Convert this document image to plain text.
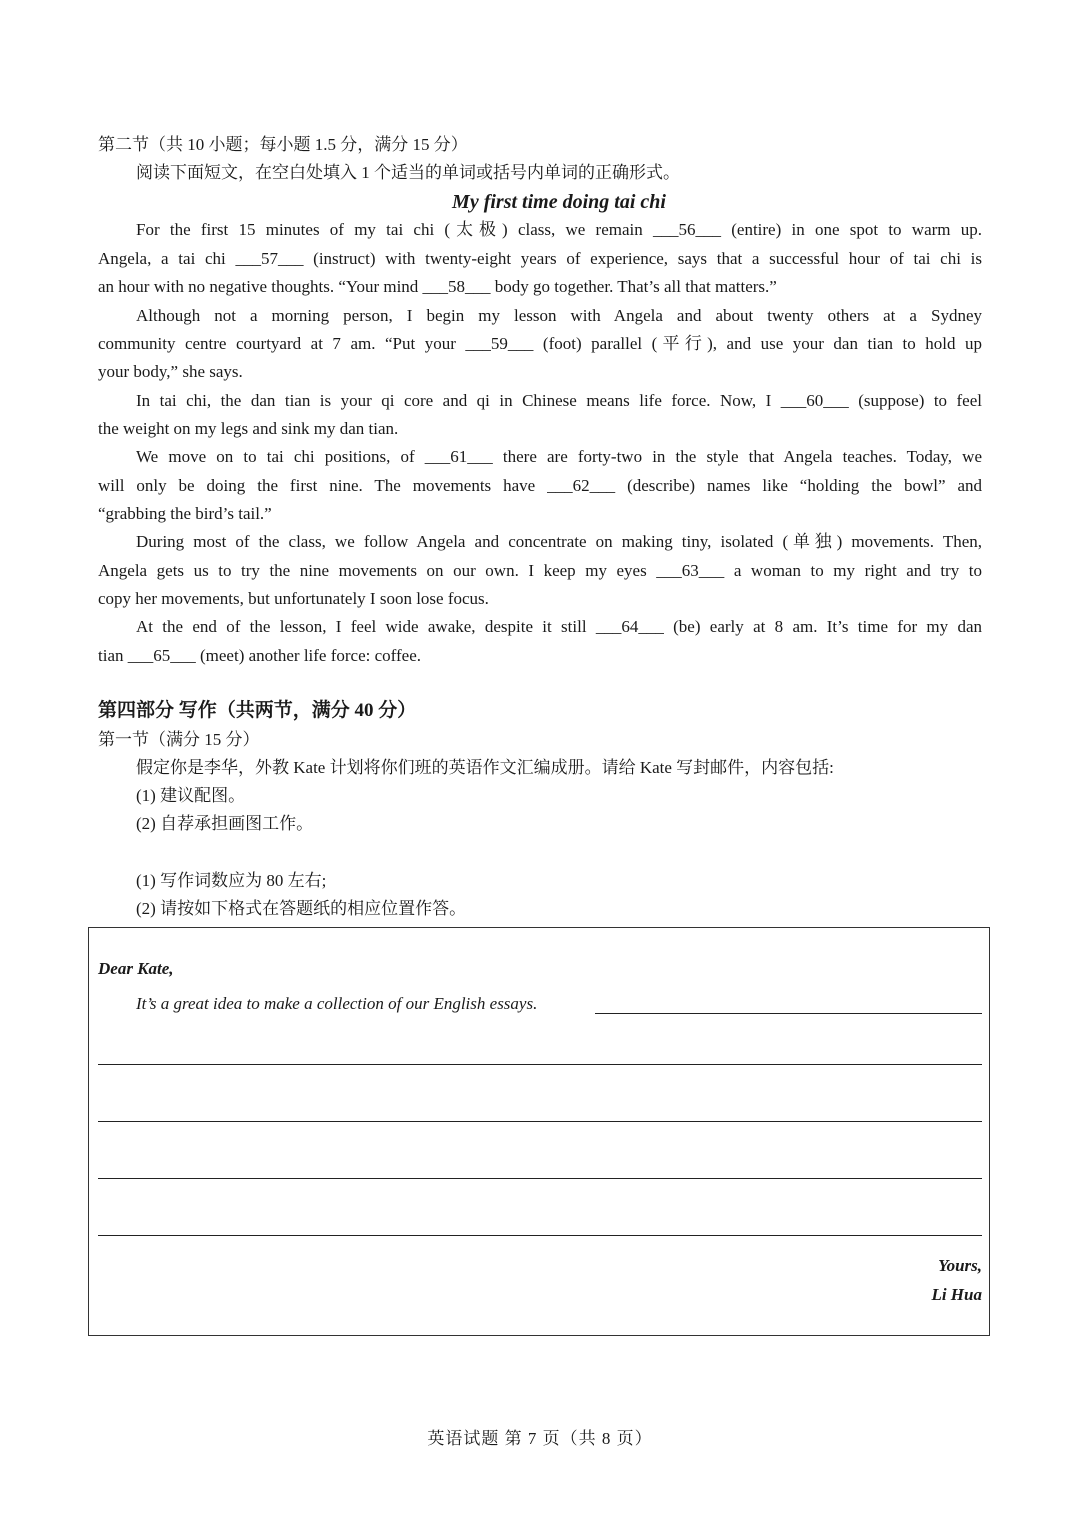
第二节（共 10 小题；每小题 1.5 分，满分 15 分）
阅读下面短文，在空白处填入 1 个适当的单词或括号内单词的正确形式。
My first time doing tai chi
For the first 15 minutes of my tai chi (太极) class, we remain ___56___ (entire) in one spot to warm up.
Angela, a tai chi ___57___ (instruct) with twenty-eight years of experience, says that a successful hour of tai chi is
an hour with no negative thoughts. “Your mind ___58___ body go together. That’s all that matters.”
Although not a morning person, I begin my lesson with Angela and about twenty others at a Sydney
community centre courtyard at 7 am. “Put your ___59___ (foot) parallel (平行), and use your dan tian to hold up
your body,” she says.
In tai chi, the dan tian is your qi core and qi in Chinese means life force. Now, I ___60___ (suppose) to feel
the weight on my legs and sink my dan tian.
We move on to tai chi positions, of ___61___ there are forty-two in the style that Angela teaches. Today, we
will only be doing the first nine. The movements have ___62___ (describe) names like “holding the bowl” and
“grabbing the bird’s tail.”
During most of the class, we follow Angela and concentrate on making tiny, isolated (单独) movements. Then,
Angela gets us to try the nine movements on our own. I keep my eyes ___63___ a woman to my right and try to
copy her movements, but unfortunately I soon lose focus.
At the end of the lesson, I feel wide awake, despite it still ___64___ (be) early at 8 am. It’s time for my dan
tian ___65___ (meet) another life force: coffee.
第四部分 写作（共两节，满分 40 分）
第一节（满分 15 分）
假定你是李华，外教 Kate 计划将你们班的英语作文汇编成册。请给 Kate 写封邮件，内容包括:
(1) 建议配图。
(2) 自荐承担画图工作。
(1) 写作词数应为 80 左右;
(2) 请按如下格式在答题纸的相应位置作答。
Dear Kate,
It’s a great idea to make a collection of our English essays.
Yours,
Li Hua
英语试题 第 7 页（共 8 页）
